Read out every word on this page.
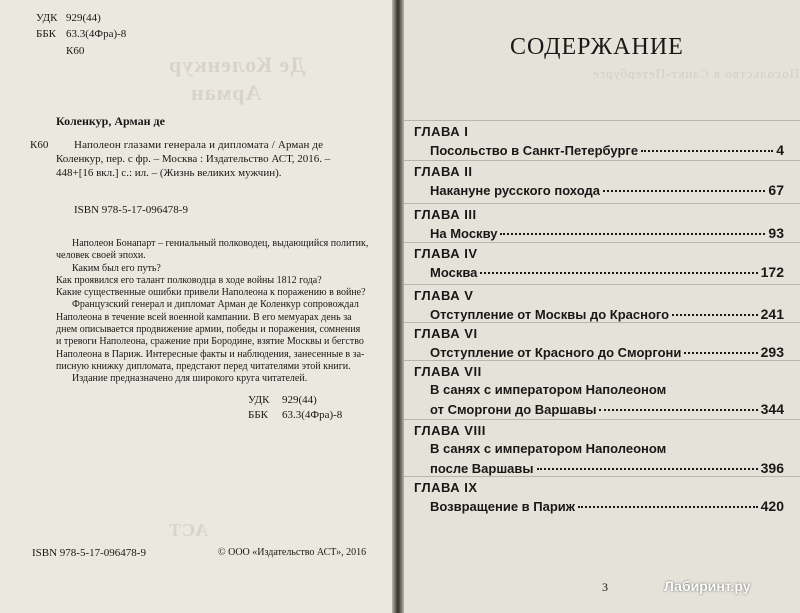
Де Коленкур
Арман
УДК 929(44)
ББК 63.3(4Фра)-8
К60
Коленкур, Арман де
К60 Наполеон глазами генерала и дипломата / Арман де
Коленкур, пер. с фр. – Москва : Издательство АСТ, 2016. –
448+[16 вкл.] с.: ил. – (Жизнь великих мужчин).
ISBN 978-5-17-096478-9

Наполеон Бонапарт – гениальный полководец, выдающийся политик,

человек своей эпохи.

Каким был его путь?

Как проявился его талант полководца в ходе войны 1812 года?

Какие существенные ошибки привели Наполеона к поражению в войне?

Французский генерал и дипломат Арман де Коленкур сопровождал

Наполеона в течение всей военной кампании. В его мемуарах день за

днем описывается продвижение армии, победы и поражения, сомнения

и тревоги Наполеона, сражение при Бородине, взятие Москвы и бегство

Наполеона в Париж. Интересные факты и наблюдения, занесенные в за-

писную книжку дипломата, предстают перед читателями этой книги.

Издание предназначено для широкого круга читателей.

УДК 929(44)
ББК 63.3(4Фра)-8
АСТ
ISBN 978-5-17-096478-9	© ООО «Издательство АСТ», 2016
Посольство в Санкт-Петербурге
СОДЕРЖАНИЕ
ГЛАВА I
Посольство в Санкт-Петербурге	4
ГЛАВА II
Накануне русского похода	67
ГЛАВА III
На Москву	93
ГЛАВА IV
Москва	172
ГЛАВА V
Отступление от Москвы до Красного	241
ГЛАВА VI
Отступление от Красного до Сморгони	293
ГЛАВА VII
В санях с императором Наполеоном
от Сморгони до Варшавы	344
ГЛАВА VIII
В санях с императором Наполеоном
после Варшавы	396
ГЛАВА IX
Возвращение в Париж	420
3	Лабиринт.ру
